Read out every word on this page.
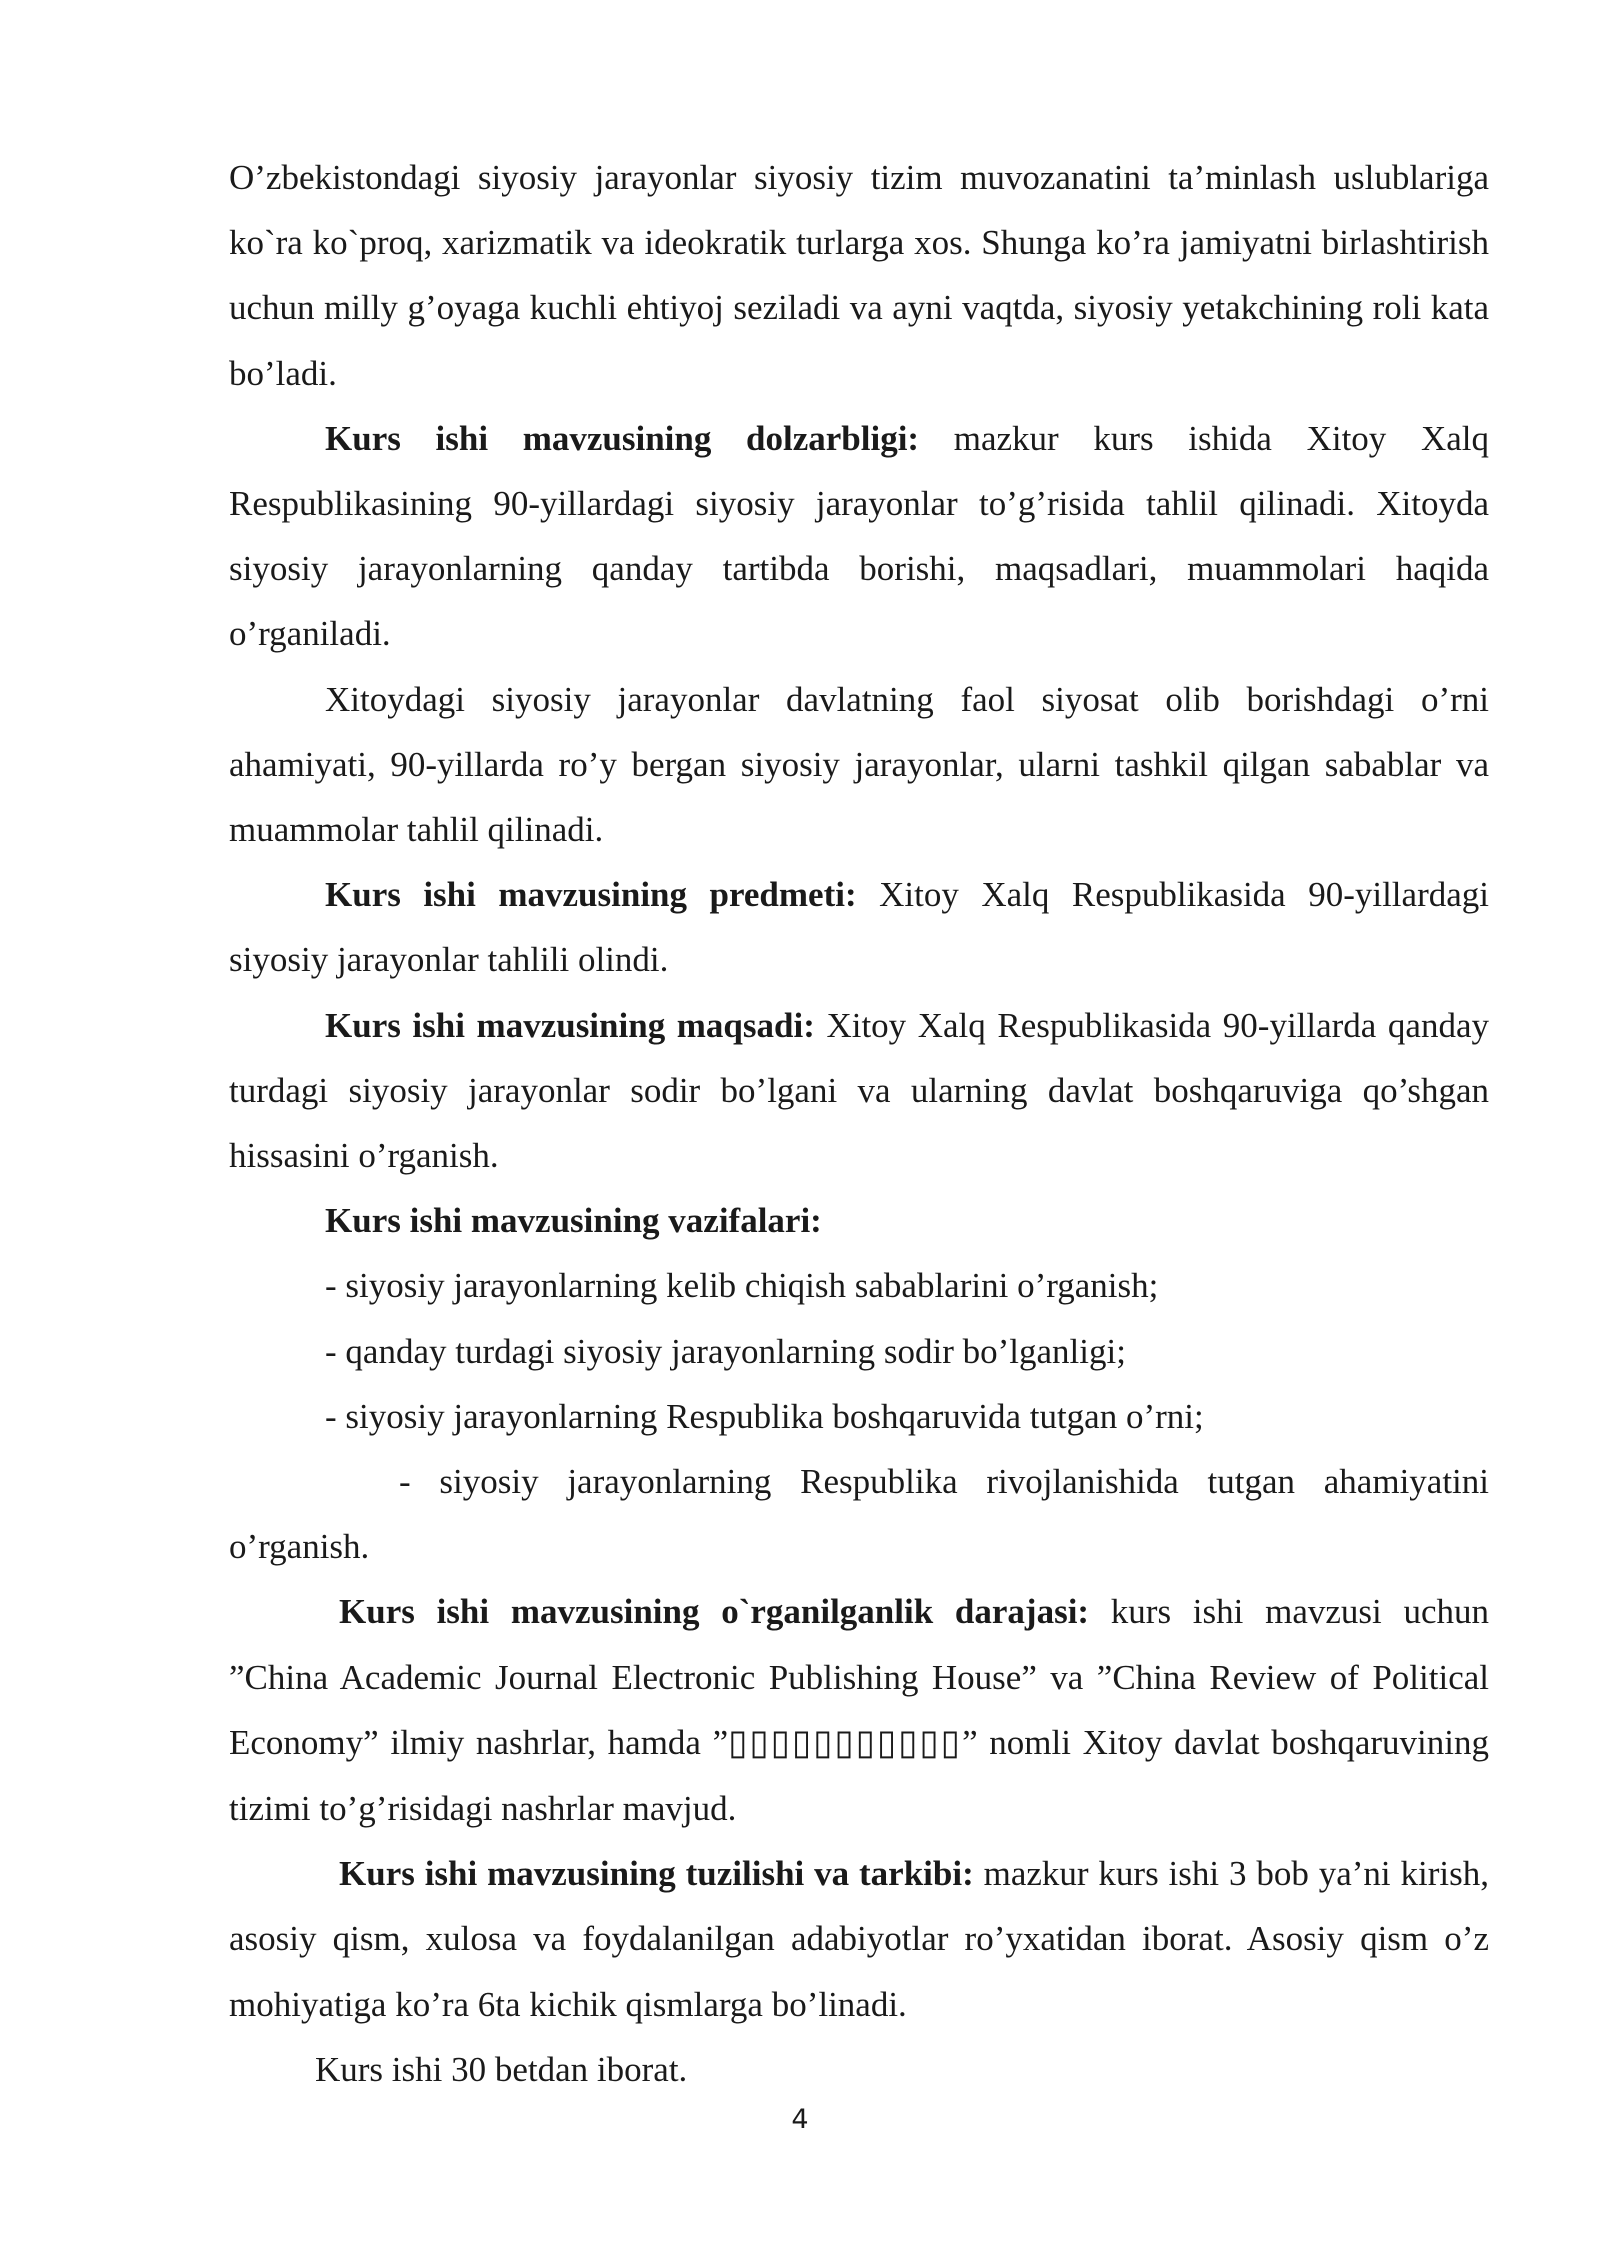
O’zbekistondagi siyosiy jarayonlar siyosiy tizim muvozanatini ta’minlash uslublariga ko`ra ko`proq, xarizmatik va ideokratik turlarga xos. Shunga ko’ra jamiyatni birlashtirish uchun milly g’oyaga kuchli ehtiyoj seziladi va ayni vaqtda, siyosiy yetakchining roli kata bo’ladi.

Kurs ishi mavzusining dolzarbligi: mazkur kurs ishida Xitoy Xalq Respublikasining 90-yillardagi siyosiy jarayonlar to’g’risida tahlil qilinadi. Xitoyda siyosiy jarayonlarning qanday tartibda borishi, maqsadlari, muammolari haqida o’rganiladi.

Xitoydagi siyosiy jarayonlar davlatning faol siyosat olib borishdagi o’rni ahamiyati, 90-yillarda ro’y bergan siyosiy jarayonlar, ularni tashkil qilgan sabablar va muammolar tahlil qilinadi.

Kurs ishi mavzusining predmeti: Xitoy Xalq Respublikasida 90-yillardagi siyosiy jarayonlar tahlili olindi.

Kurs ishi mavzusining maqsadi: Xitoy Xalq Respublikasida 90-yillarda qanday turdagi siyosiy jarayonlar sodir bo’lgani va ularning davlat boshqaruviga qo’shgan hissasini o’rganish.

Kurs ishi mavzusining vazifalari:

- siyosiy jarayonlarning kelib chiqish sabablarini o’rganish;

- qanday turdagi siyosiy jarayonlarning sodir bo’lganligi;

- siyosiy jarayonlarning Respublika boshqaruvida tutgan o’rni;

- siyosiy jarayonlarning Respublika rivojlanishida tutgan ahamiyatini o’rganish.

Kurs ishi mavzusining o`rganilganlik darajasi: kurs ishi mavzusi uchun ”China Academic Journal Electronic Publishing House” va ”China Review of Political Economy” ilmiy nashrlar, hamda ”▯▯▯▯▯▯▯▯▯▯▯” nomli Xitoy davlat boshqaruvining tizimi to’g’risidagi nashrlar mavjud.

Kurs ishi mavzusining tuzilishi va tarkibi: mazkur kurs ishi 3 bob ya’ni kirish, asosiy qism, xulosa va foydalanilgan adabiyotlar ro’yxatidan iborat. Asosiy qism o’z mohiyatiga ko’ra 6ta kichik qismlarga bo’linadi.

Kurs ishi 30 betdan iborat.

4
